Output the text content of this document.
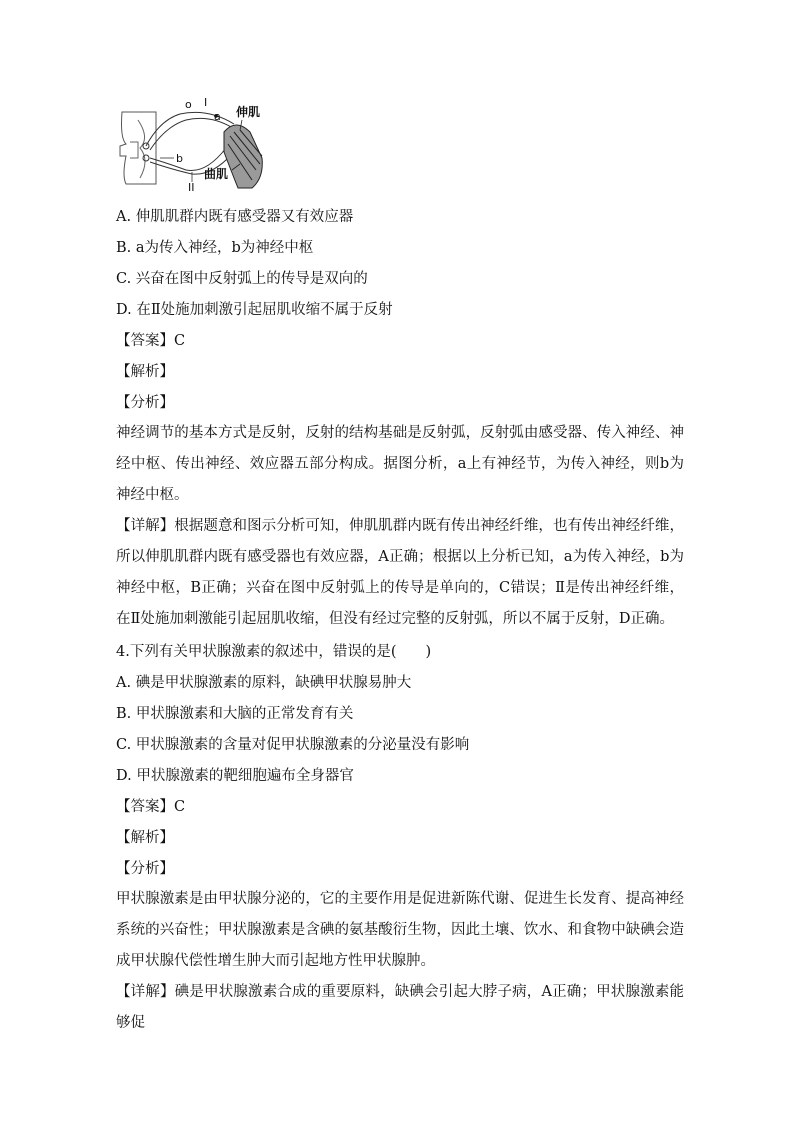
o I
a 伸肌
b
曲肌
II
A. 伸肌肌群内既有感受器又有效应器
B. a为传入神经，b为神经中枢
C. 兴奋在图中反射弧上的传导是双向的
D. 在Ⅱ处施加刺激引起屈肌收缩不属于反射
【答案】C
【解析】
【分析】
神经调节的基本方式是反射，反射的结构基础是反射弧，反射弧由感受器、传入神经、神经中枢、传出神经、效应器五部分构成。据图分析，a上有神经节，为传入神经，则b为神经中枢。
【详解】根据题意和图示分析可知，伸肌肌群内既有传出神经纤维，也有传出神经纤维，所以伸肌肌群内既有感受器也有效应器，A正确；根据以上分析已知，a为传入神经，b为神经中枢，B正确；兴奋在图中反射弧上的传导是单向的，C错误；Ⅱ是传出神经纤维，在Ⅱ处施加刺激能引起屈肌收缩，但没有经过完整的反射弧，所以不属于反射，D正确。
4.下列有关甲状腺激素的叙述中，错误的是(　　)
A. 碘是甲状腺激素的原料，缺碘甲状腺易肿大
B. 甲状腺激素和大脑的正常发育有关
C. 甲状腺激素的含量对促甲状腺激素的分泌量没有影响
D. 甲状腺激素的靶细胞遍布全身器官
【答案】C
【解析】
【分析】
甲状腺激素是由甲状腺分泌的，它的主要作用是促进新陈代谢、促进生长发育、提高神经系统的兴奋性；甲状腺激素是含碘的氨基酸衍生物，因此土壤、饮水、和食物中缺碘会造成甲状腺代偿性增生肿大而引起地方性甲状腺肿。
【详解】碘是甲状腺激素合成的重要原料，缺碘会引起大脖子病，A正确；甲状腺激素能够促
